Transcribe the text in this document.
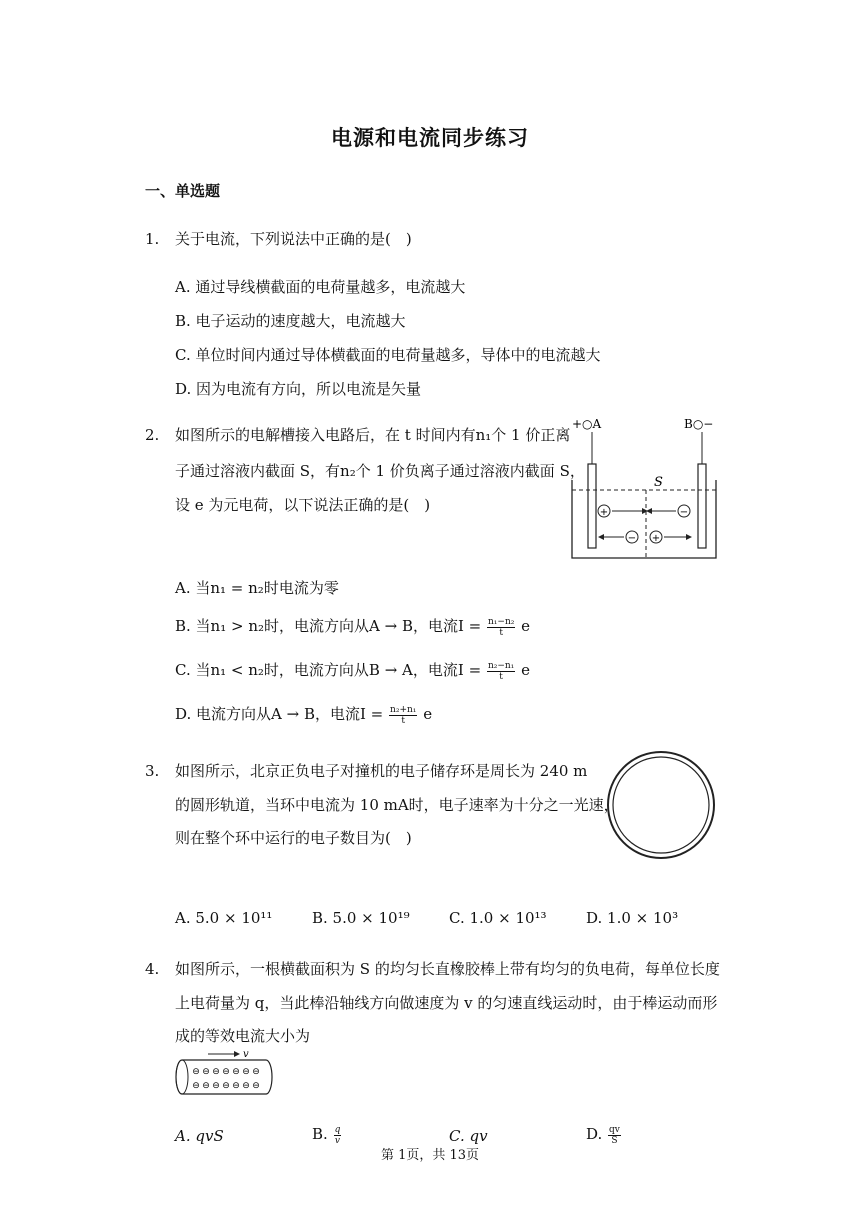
电源和电流同步练习
一、单选题
1. 关于电流，下列说法中正确的是(　)
A. 通过导线横截面的电荷量越多，电流越大
B. 电子运动的速度越大，电流越大
C. 单位时间内通过导体横截面的电荷量越多，导体中的电流越大
D. 因为电流有方向，所以电流是矢量
2. 如图所示的电解槽接入电路后，在 t 时间内有n₁个 1 价正离
子通过溶液内截面 S，有n₂个 1 价负离子通过溶液内截面 S，
设 e 为元电荷，以下说法正确的是(　)
+○A	B○−
S
+	−
− +
A. 当n₁ = n₂时电流为零
B. 当n₁ > n₂时，电流方向从A → B，电流$I = \frac{\text{n₁−n₂}}{t}$ e
C. 当n₁ < n₂时，电流方向从B → A，电流$I = \frac{\text{n₂−n₁}}{t}$ e
D. 电流方向从A → B，电流$I = \frac{\text{n₂+n₁}}{t}$ e
3. 如图所示，北京正负电子对撞机的电子储存环是周长为 240 m
的圆形轨道，当环中电流为 10 mA时，电子速率为十分之一光速，
则在整个环中运行的电子数目为(　)
A. 5.0 × 10¹¹	B. 5.0 × 10¹⁹	C. 1.0 × 10¹³	D. 1.0 × 10³
4. 如图所示，一根横截面积为 S 的均匀长直橡胶棒上带有均匀的负电荷，每单位长度
上电荷量为 q，当此棒沿轴线方向做速度为 v 的匀速直线运动时，由于棒运动而形
成的等效电流大小为
v
⊖ ⊖ ⊖ ⊖ ⊖ ⊖ ⊖
⊖ ⊖ ⊖ ⊖ ⊖ ⊖ ⊖
A. qvS	B. $\frac{q}{v}$	C. qv	D. $\frac{qv}{S}$
第 1页，共 13页
